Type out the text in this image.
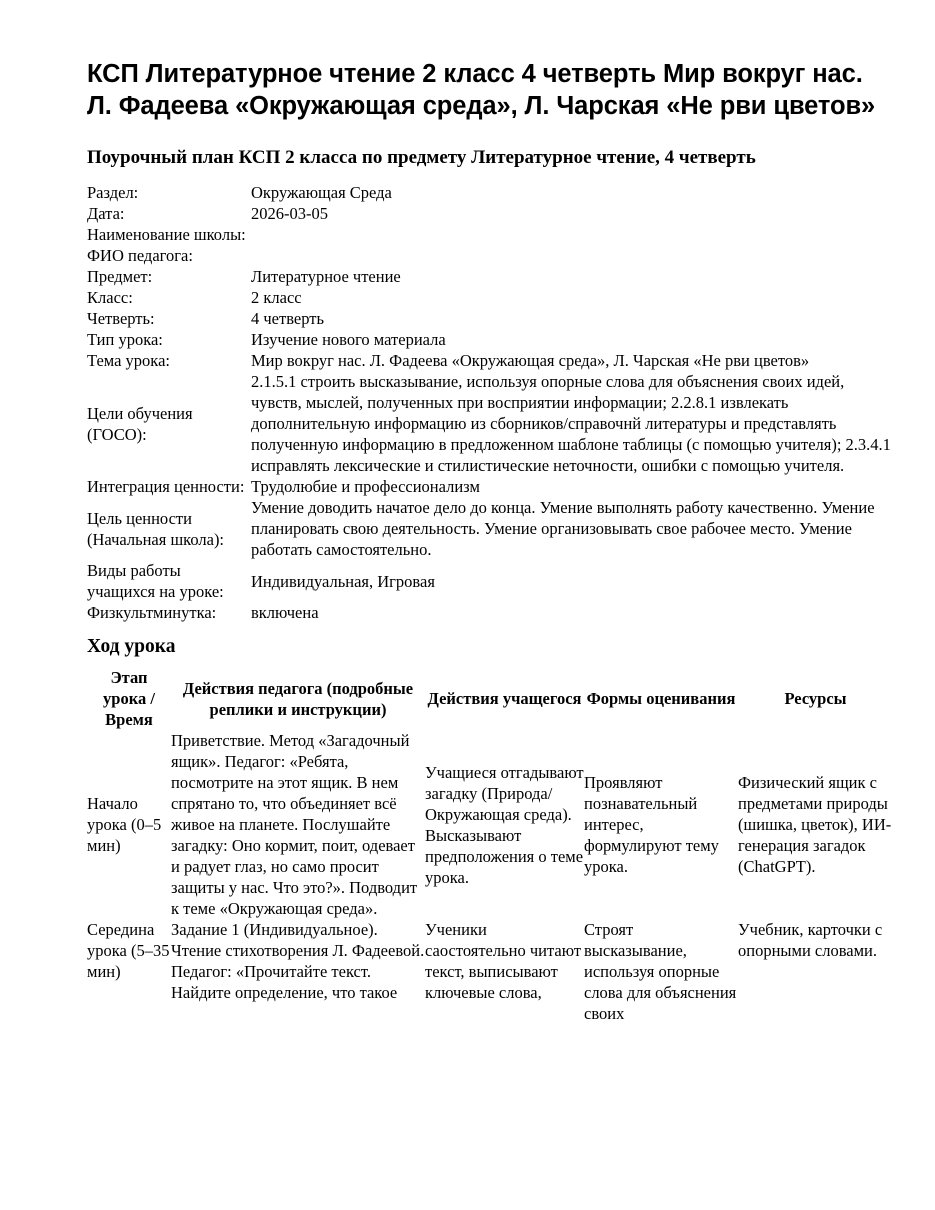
КСП Литературное чтение 2 класс 4 четверть Мир вокруг нас. Л. Фадеева «Окружающая среда», Л. Чарская «Не рви цветов»
Поурочный план КСП 2 класса по предмету Литературное чтение, 4 четверть
Раздел:	Окружающая Среда
Дата:	2026-03-05
Наименование школы:	
ФИО педагога:	
Предмет:	Литературное чтение
Класс:	2 класс
Четверть:	4 четверть
Тип урока:	Изучение нового материала
Тема урока:	Мир вокруг нас. Л. Фадеева «Окружающая среда», Л. Чарская «Не рви цветов»
Цели обучения (ГОСО):	2.1.5.1 строить высказывание, используя опорные слова для объяснения своих идей, чувств, мыслей, полученных при восприятии информации; 2.2.8.1 извлекать дополнительную информацию из сборников/справочнй литературы и представлять полученную информацию в предложенном шаблоне таблицы (с помощью учителя); 2.3.4.1 исправлять лексические и стилистические неточности, ошибки с помощью учителя.
Интеграция ценности:	Трудолюбие и профессионализм
Цель ценности (Начальная школа):	Умение доводить начатое дело до конца. Умение выполнять работу качественно. Умение планировать свою деятельность. Умение организовывать свое рабочее место. Умение работать самостоятельно.
Виды работы учащихся на уроке:	Индивидуальная, Игровая
Физкультминутка:	включена
Ход урока
Этап урока / Время	Действия педагога (подробные реплики и инструкции)	Действия учащегося	Формы оценивания	Ресурсы
Начало урока (0–5 мин)	Приветствие. Метод «Загадочный ящик». Педагог: «Ребята, посмотрите на этот ящик. В нем спрятано то, что объединяет всё живое на планете. Послушайте загадку: Оно кормит, поит, одевает и радует глаз, но само просит защиты у нас. Что это?». Подводит к теме «Окружающая среда».	Учащиеся отгадывают загадку (Природа/Окружающая среда). Высказывают предположения о теме урока.	Проявляют познавательный интерес, формулируют тему урока.	Физический ящик с предметами природы (шишка, цветок), ИИ-генерация загадок (ChatGPT).
Середина урока (5–35 мин)	Задание 1 (Индивидуальное). Чтение стихотворения Л. Фадеевой. Педагог: «Прочитайте текст. Найдите определение, что такое	Ученики саостоятельно читают текст, выписывают ключевые слова,	Строят высказывание, используя опорные слова для объяснения своих	Учебник, карточки с опорными словами.
